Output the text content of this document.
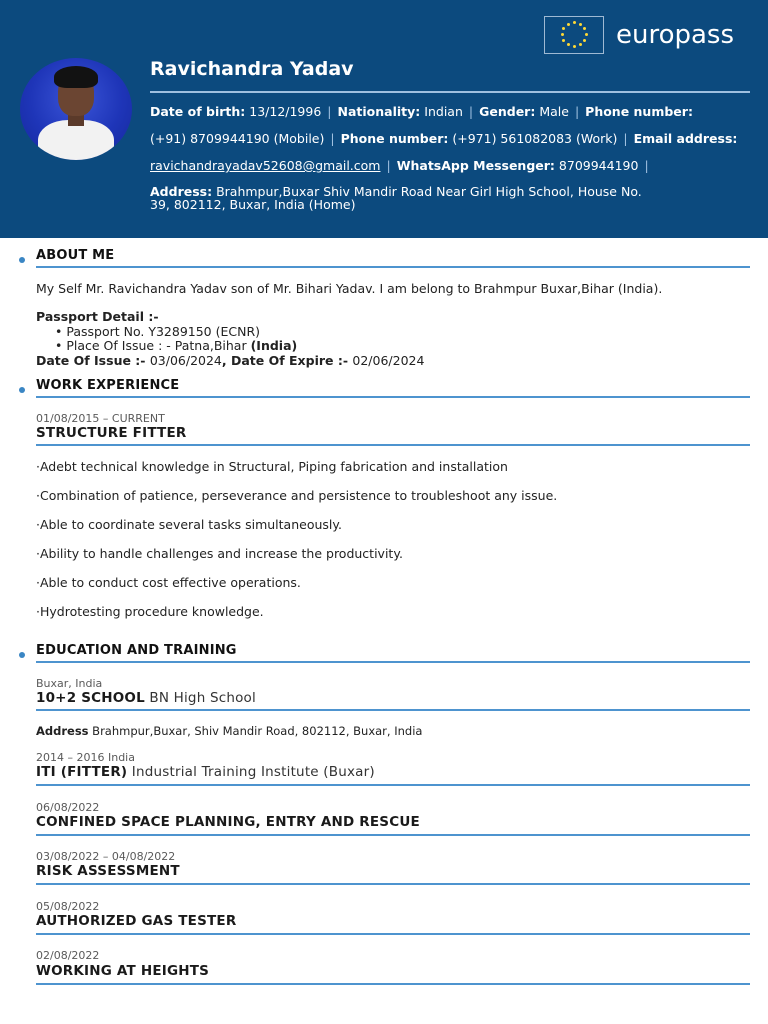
europass
Ravichandra Yadav
Date of birth: 13/12/1996 | Nationality: Indian | Gender: Male | Phone number:
(+91) 8709944190 (Mobile) | Phone number: (+971) 561082083 (Work) | Email address:
ravichandrayadav52608@gmail.com | WhatsApp Messenger: 8709944190 |
Address: Brahmpur,Buxar Shiv Mandir Road Near Girl High School, House No. 39, 802112, Buxar, India (Home)
ABOUT ME
My Self Mr. Ravichandra Yadav son of Mr. Bihari Yadav. I am belong to Brahmpur Buxar,Bihar (India).
Passport Detail :-
• Passport No. Y3289150 (ECNR)
• Place Of Issue : - Patna,Bihar (India)
Date Of Issue :- 03/06/2024, Date Of Expire :- 02/06/2024
WORK EXPERIENCE
01/08/2015 – CURRENT
STRUCTURE FITTER
·Adebt technical knowledge in Structural, Piping fabrication and installation
·Combination of patience, perseverance and persistence to troubleshoot any issue.
·Able to coordinate several tasks simultaneously.
·Ability to handle challenges and increase the productivity.
·Able to conduct cost effective operations.
·Hydrotesting procedure knowledge.
EDUCATION AND TRAINING
Buxar, India
10+2 SCHOOL BN High School
Address Brahmpur,Buxar, Shiv Mandir Road, 802112, Buxar, India
2014 – 2016 India
ITI (FITTER) Industrial Training Institute (Buxar)
06/08/2022
CONFINED SPACE PLANNING, ENTRY AND RESCUE
03/08/2022 – 04/08/2022
RISK ASSESSMENT
05/08/2022
AUTHORIZED GAS TESTER
02/08/2022
WORKING AT HEIGHTS
